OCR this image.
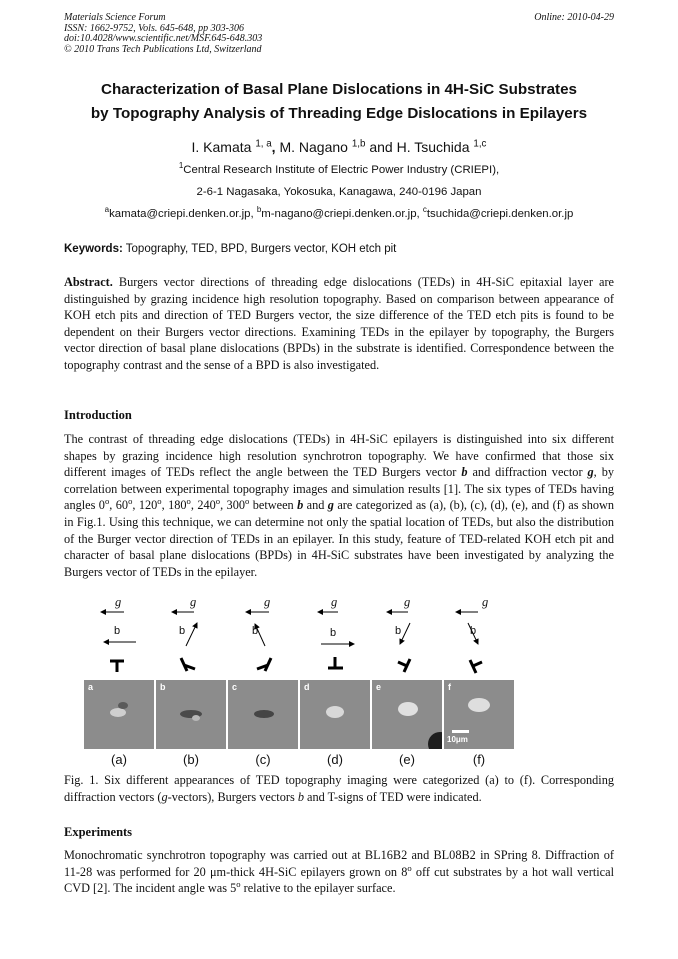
Materials Science Forum
ISSN: 1662-9752, Vols. 645-648, pp 303-306
doi:10.4028/www.scientific.net/MSF.645-648.303
© 2010 Trans Tech Publications Ltd, Switzerland
Online: 2010-04-29
Characterization of Basal Plane Dislocations in 4H-SiC Substrates
by Topography Analysis of Threading Edge Dislocations in Epilayers
I. Kamata $^{1, a}$, M. Nagano $^{1,b}$ and H. Tsuchida $^{1,c}$
$^1$Central Research Institute of Electric Power Industry (CRIEPI),
2-6-1 Nagasaka, Yokosuka, Kanagawa, 240-0196 Japan
$^a$kamata@criepi.denken.or.jp, $^b$m-nagano@criepi.denken.or.jp, $^c$tsuchida@criepi.denken.or.jp
Keywords: Topography, TED, BPD, Burgers vector, KOH etch pit
Abstract. Burgers vector directions of threading edge dislocations (TEDs) in 4H-SiC epitaxial layer are distinguished by grazing incidence high resolution topography. Based on comparison between appearance of KOH etch pits and direction of TED Burgers vector, the size difference of the TED etch pits is found to be dependent on their Burgers vector directions. Examining TEDs in the epilayer by topography, the Burgers vector direction of basal plane dislocations (BPDs) in the substrate is identified. Correspondence between the topography contrast and the sense of a BPD is also investigated.
Introduction
The contrast of threading edge dislocations (TEDs) in 4H-SiC epilayers is distinguished into six different shapes by grazing incidence high resolution synchrotron topography. We have confirmed that those six different images of TEDs reflect the angle between the TED Burgers vector b and diffraction vector g, by correlation between experimental topography images and simulation results [1]. The six types of TEDs having angles 0$^o$, 60$^o$, 120$^o$, 180$^o$, 240$^o$, 300$^o$ between b and g are categorized as (a), (b), (c), (d), (e), and (f) as shown in Fig.1. Using this technique, we can determine not only the spatial location of TEDs, but also the distribution of the Burger vector direction of TEDs in an epilayer. In this study, feature of TED-related KOH etch pit and character of basal plane dislocations (BPDs) in 4H-SiC substrates have been investigated by analyzing the Burgers vector of TEDs in the epilayer.
g	g	g	g	g	g
b	b	b	b	b	b
a	b	c	d	e	f
10μm
(a)	(b)	(c)	(d)	(e)	(f)
Fig. 1. Six different appearances of TED topography imaging were categorized (a) to (f). Corresponding diffraction vectors (g-vectors), Burgers vectors b and T-signs of TED were indicated.
Experiments
Monochromatic synchrotron topography was carried out at BL16B2 and BL08B2 in SPring 8. Diffraction of 11-28 was performed for 20 μm-thick 4H-SiC epilayers grown on 8$^o$ off cut substrates by a hot wall vertical CVD [2]. The incident angle was 5$^o$ relative to the epilayer surface.
